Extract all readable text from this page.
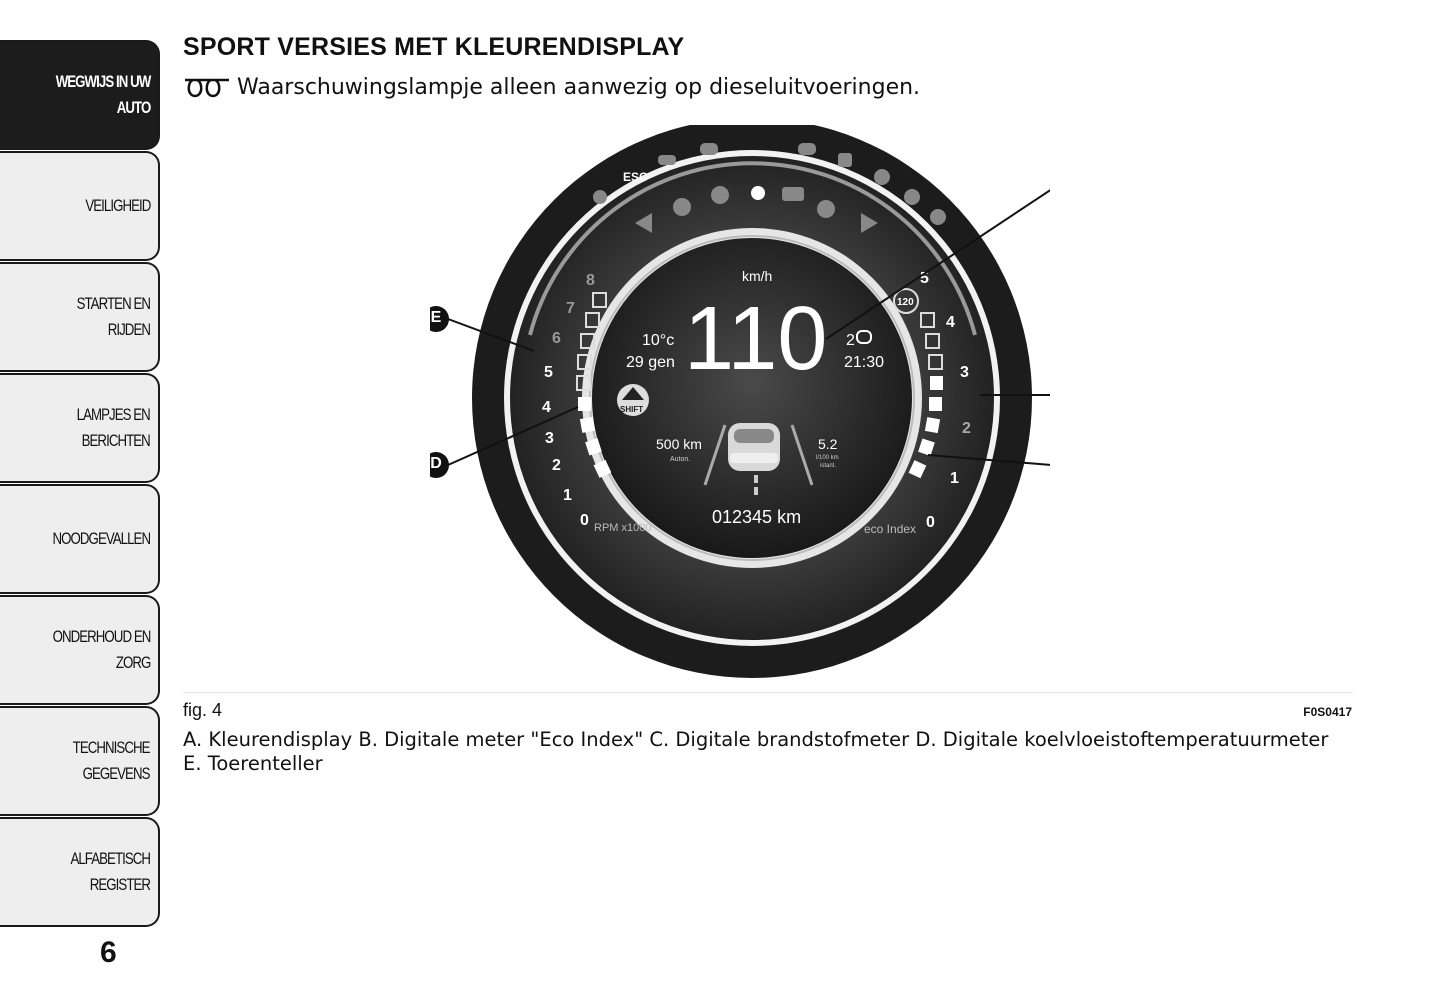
WEGWIJS IN UW
AUTO
VEILIGHEID
STARTEN EN RIJDEN
LAMPJES EN
BERICHTEN
NOODGEVALLEN
ONDERHOUD EN
ZORG
TECHNISCHE
GEGEVENS
ALFABETISCH
REGISTER
6
SPORT VERSIES MET KLEURENDISPLAY
Waarschuwingslampje alleen aanwezig op dieseluitvoeringen.
ESC
0
1
2
3
4
5
6
7
8
RPM x1000	0
1
2
3
4
5
eco Index
SHIFT
120
km/h
110
10°c
29 gen
2
21:30
500 km
Auton.
5.2
l/100 km
istant.
012345 km
A
B
C
D
E
fig. 4	F0S0417
A. Kleurendisplay B. Digitale meter "Eco Index" C. Digitale brandstofmeter D. Digitale koelvloeistoftemperatuurmeter E. Toerenteller
